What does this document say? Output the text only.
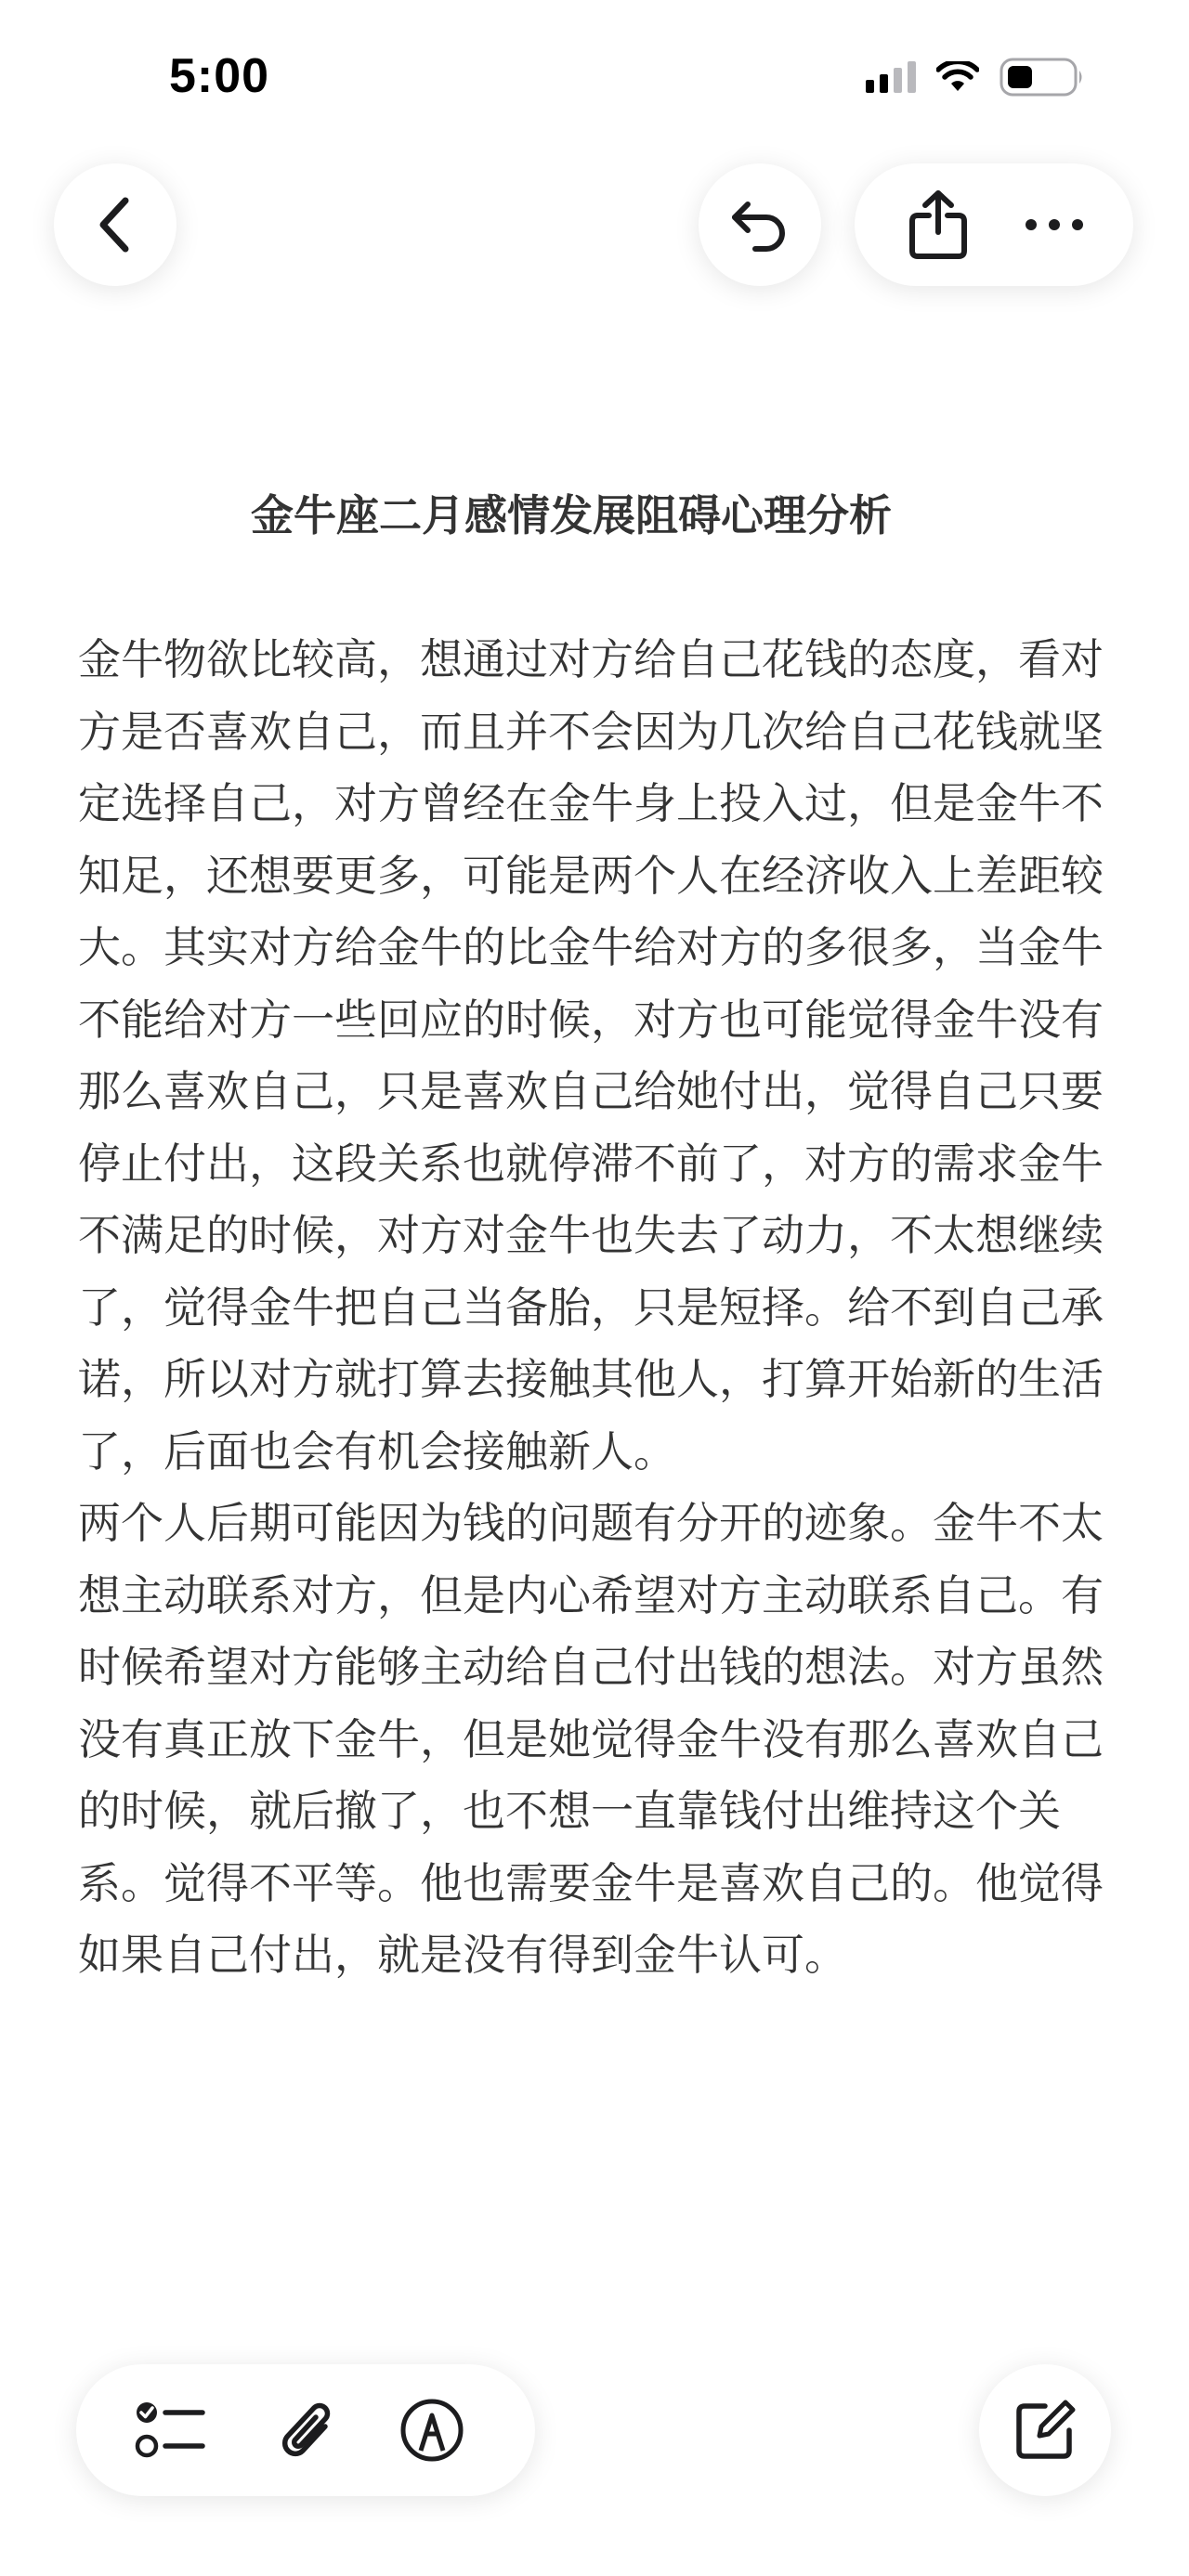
5:00
金牛座二月感情发展阻碍心理分析

金牛物欲比较高，想通过对方给自己花钱的态度，看对方是否喜欢自己，而且并不会因为几次给自己花钱就坚定选择自己，对方曾经在金牛身上投入过，但是金牛不知足，还想要更多，可能是两个人在经济收入上差距较大。其实对方给金牛的比金牛给对方的多很多，当金牛不能给对方一些回应的时候，对方也可能觉得金牛没有那么喜欢自己，只是喜欢自己给她付出，觉得自己只要停止付出，这段关系也就停滞不前了，对方的需求金牛不满足的时候，对方对金牛也失去了动力，不太想继续了，觉得金牛把自己当备胎，只是短择。给不到自己承诺，所以对方就打算去接触其他人，打算开始新的生活了，后面也会有机会接触新人。

两个人后期可能因为钱的问题有分开的迹象。金牛不太想主动联系对方，但是内心希望对方主动联系自己。有时候希望对方能够主动给自己付出钱的想法。对方虽然没有真正放下金牛，但是她觉得金牛没有那么喜欢自己的时候，就后撤了，也不想一直靠钱付出维持这个关系。觉得不平等。他也需要金牛是喜欢自己的。他觉得如果自己付出，就是没有得到金牛认可。
